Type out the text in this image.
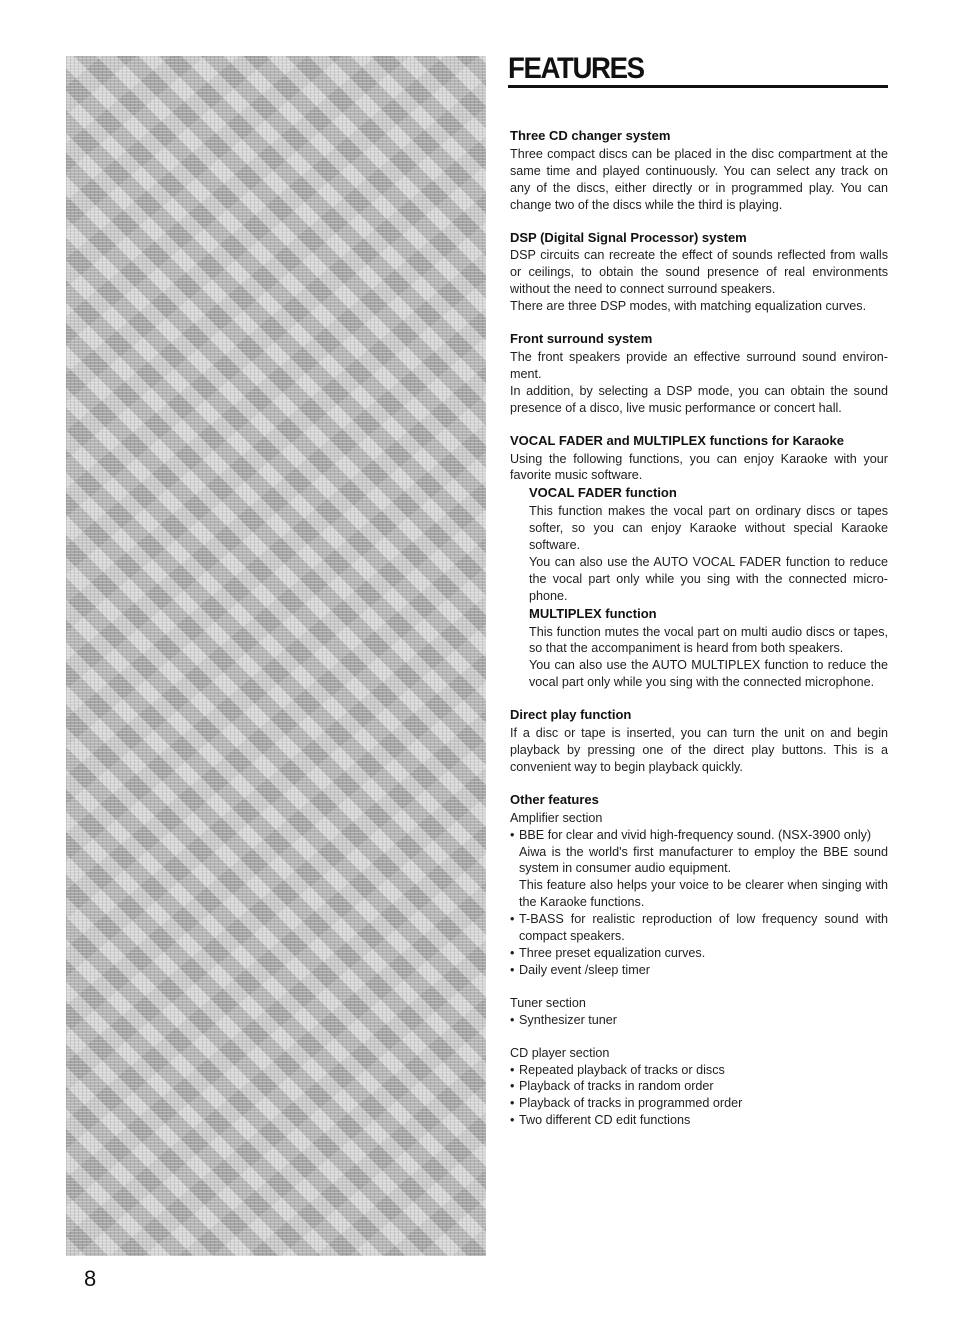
FEATURES
Three CD changer system

Three compact discs can be placed in the disc compartment at the same time and played continuously. You can select any track on any of the discs, either directly or in programmed play. You can change two of the discs while the third is playing.

DSP (Digital Signal Processor) system

DSP circuits can recreate the effect of sounds reflected from walls or ceilings, to obtain the sound presence of real environments without the need to connect surround speakers.

There are three DSP modes, with matching equalization curves.

Front surround system

The front speakers provide an effective surround sound environ-ment.

In addition, by selecting a DSP mode, you can obtain the sound presence of a disco, live music performance or concert hall.

VOCAL FADER and MULTIPLEX functions for Karaoke

Using the following functions, you can enjoy Karaoke with your favorite music software.

VOCAL FADER function

This function makes the vocal part on ordinary discs or tapes softer, so you can enjoy Karaoke without special Karaoke software.

You can also use the AUTO VOCAL FADER function to reduce the vocal part only while you sing with the connected micro-phone.

MULTIPLEX function

This function mutes the vocal part on multi audio discs or tapes, so that the accompaniment is heard from both speakers.

You can also use the AUTO MULTIPLEX function to reduce the vocal part only while you sing with the connected microphone.

Direct play function

If a disc or tape is inserted, you can turn the unit on and begin playback by pressing one of the direct play buttons. This is a convenient way to begin playback quickly.

Other features
Amplifier section
• BBE for clear and vivid high-frequency sound. (NSX-3900 only)
Aiwa is the world's first manufacturer to employ the BBE sound system in consumer audio equipment.
This feature also helps your voice to be clearer when singing with the Karaoke functions.
• T-BASS for realistic reproduction of low frequency sound with compact speakers.
• Three preset equalization curves.
• Daily event /sleep timer
Tuner section
• Synthesizer tuner
CD player section
• Repeated playback of tracks or discs
• Playback of tracks in random order
• Playback of tracks in programmed order
• Two different CD edit functions
8
